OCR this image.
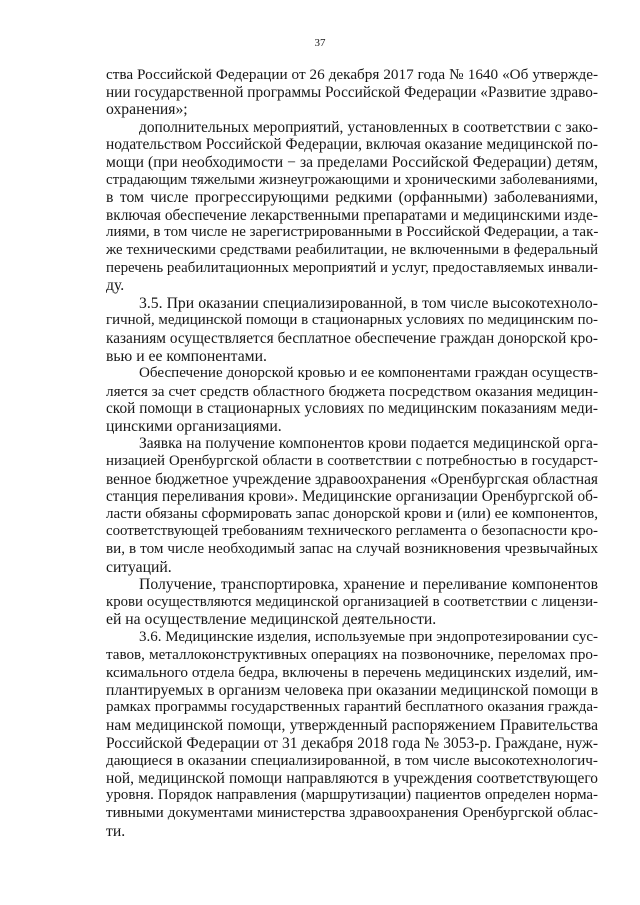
37
ства Российской Федерации от 26 декабря 2017 года № 1640 «Об утвержде-
нии государственной программы Российской Федерации «Развитие здраво-
охранения»;
дополнительных мероприятий, установленных в соответствии с зако-
нодательством Российской Федерации, включая оказание медицинской по-
мощи (при необходимости − за пределами Российской Федерации) детям,
страдающим тяжелыми жизнеугрожающими и хроническими заболеваниями,
в том числе прогрессирующими редкими (орфанными) заболеваниями,
включая обеспечение лекарственными препаратами и медицинскими изде-
лиями, в том числе не зарегистрированными в Российской Федерации, а так-
же техническими средствами реабилитации, не включенными в федеральный
перечень реабилитационных мероприятий и услуг, предоставляемых инвали-
ду.
3.5. При оказании специализированной, в том числе высокотехноло-
гичной, медицинской помощи в стационарных условиях по медицинским по-
казаниям осуществляется бесплатное обеспечение граждан донорской кро-
вью и ее компонентами.
Обеспечение донорской кровью и ее компонентами граждан осуществ-
ляется за счет средств областного бюджета посредством оказания медицин-
ской помощи в стационарных условиях по медицинским показаниям меди-
цинскими организациями.
Заявка на получение компонентов крови подается медицинской орга-
низацией Оренбургской области в соответствии с потребностью в государст-
венное бюджетное учреждение здравоохранения «Оренбургская областная
станция переливания крови». Медицинские организации Оренбургской об-
ласти обязаны сформировать запас донорской крови и (или) ее компонентов,
соответствующей требованиям технического регламента о безопасности кро-
ви, в том числе необходимый запас на случай возникновения чрезвычайных
ситуаций.
Получение, транспортировка, хранение и переливание компонентов
крови осуществляются медицинской организацией в соответствии с лицензи-
ей на осуществление медицинской деятельности.
3.6. Медицинские изделия, используемые при эндопротезировании сус-
тавов, металлоконструктивных операциях на позвоночнике, переломах про-
ксимального отдела бедра, включены в перечень медицинских изделий, им-
плантируемых в организм человека при оказании медицинской помощи в
рамках программы государственных гарантий бесплатного оказания гражда-
нам медицинской помощи, утвержденный распоряжением Правительства
Российской Федерации от 31 декабря 2018 года № 3053-р. Граждане, нуж-
дающиеся в оказании специализированной, в том числе высокотехнологич-
ной, медицинской помощи направляются в учреждения соответствующего
уровня. Порядок направления (маршрутизации) пациентов определен норма-
тивными документами министерства здравоохранения Оренбургской облас-
ти.
